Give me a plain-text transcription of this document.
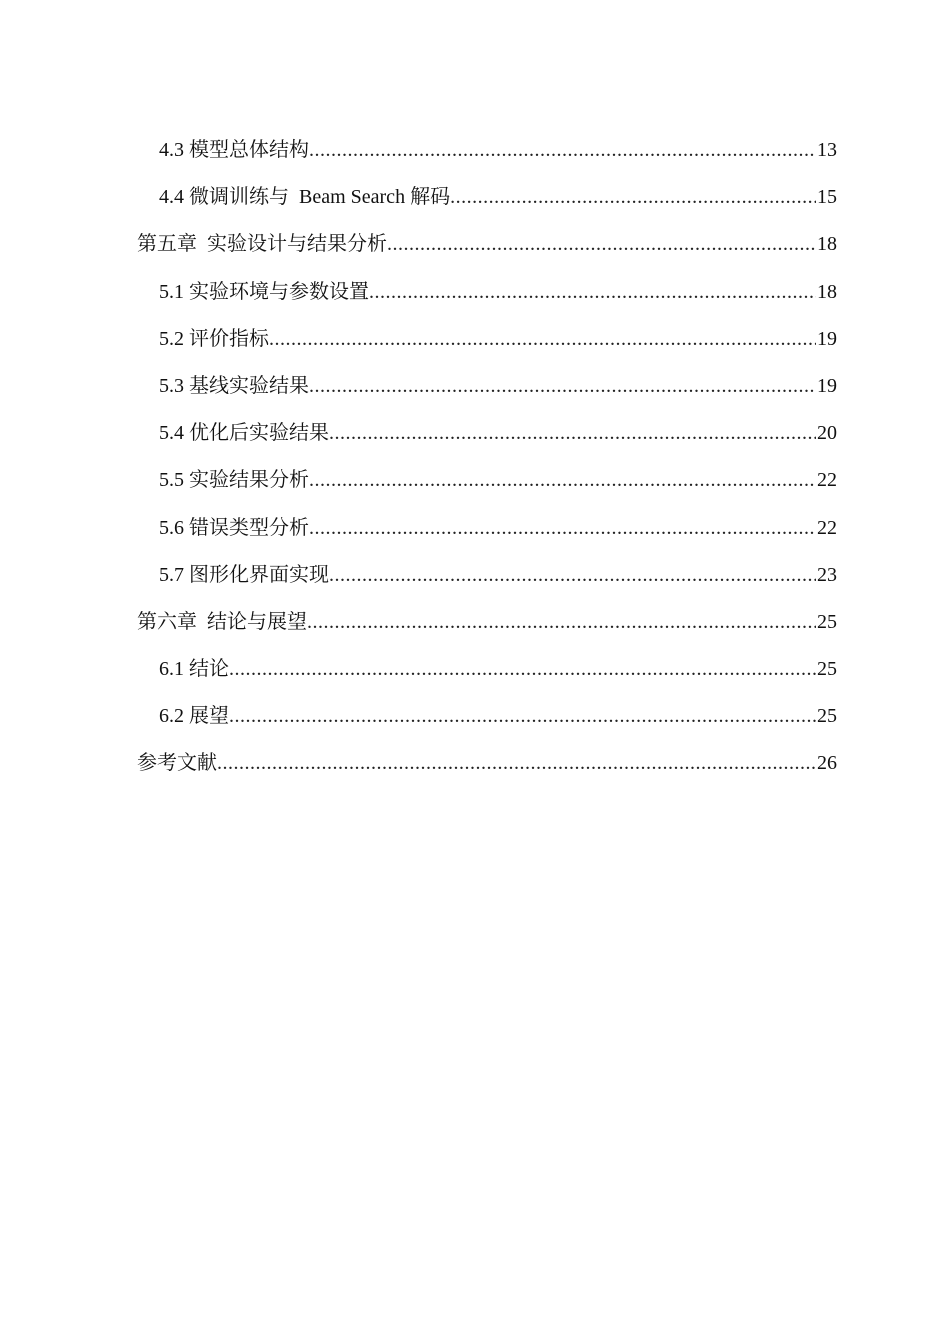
4.3 模型总体结构 .....	13
4.4 微调训练与  Beam Search 解码 .....	15
第五章  实验设计与结果分析 .....	18
5.1 实验环境与参数设置 .....	18
5.2 评价指标 .....	19
5.3 基线实验结果 .....	19
5.4 优化后实验结果 .....	20
5.5 实验结果分析 .....	22
5.6 错误类型分析 .....	22
5.7 图形化界面实现 .....	23
第六章  结论与展望 .....	25
6.1 结论 .....	25
6.2 展望 .....	25
参考文献 .....	26
